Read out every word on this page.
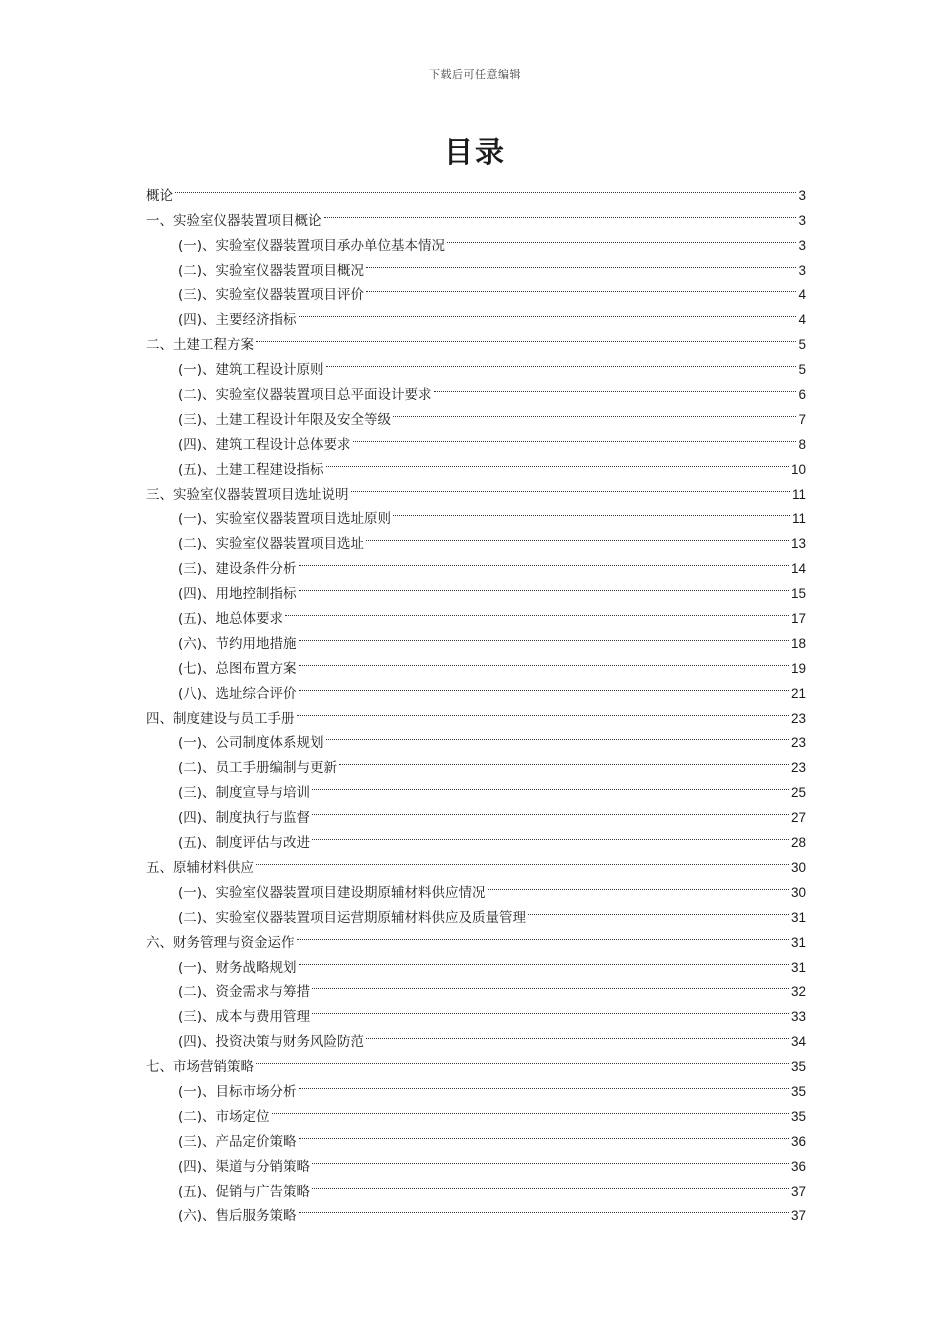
下载后可任意编辑
目录
概论	3
一、实验室仪器装置项目概论	3
(一)、实验室仪器装置项目承办单位基本情况	3
(二)、实验室仪器装置项目概况	3
(三)、实验室仪器装置项目评价	4
(四)、主要经济指标	4
二、土建工程方案	5
(一)、建筑工程设计原则	5
(二)、实验室仪器装置项目总平面设计要求	6
(三)、土建工程设计年限及安全等级	7
(四)、建筑工程设计总体要求	8
(五)、土建工程建设指标	10
三、实验室仪器装置项目选址说明	11
(一)、实验室仪器装置项目选址原则	11
(二)、实验室仪器装置项目选址	13
(三)、建设条件分析	14
(四)、用地控制指标	15
(五)、地总体要求	17
(六)、节约用地措施	18
(七)、总图布置方案	19
(八)、选址综合评价	21
四、制度建设与员工手册	23
(一)、公司制度体系规划	23
(二)、员工手册编制与更新	23
(三)、制度宣导与培训	25
(四)、制度执行与监督	27
(五)、制度评估与改进	28
五、原辅材料供应	30
(一)、实验室仪器装置项目建设期原辅材料供应情况	30
(二)、实验室仪器装置项目运营期原辅材料供应及质量管理	31
六、财务管理与资金运作	31
(一)、财务战略规划	31
(二)、资金需求与筹措	32
(三)、成本与费用管理	33
(四)、投资决策与财务风险防范	34
七、市场营销策略	35
(一)、目标市场分析	35
(二)、市场定位	35
(三)、产品定价策略	36
(四)、渠道与分销策略	36
(五)、促销与广告策略	37
(六)、售后服务策略	37
